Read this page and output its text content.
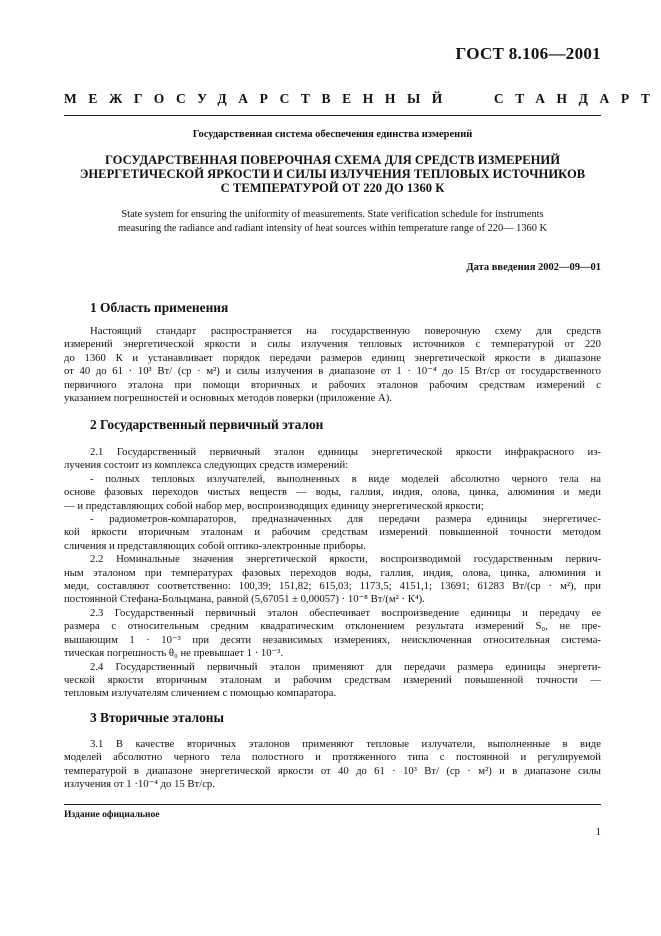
ГОСТ 8.106—2001
МЕЖГОСУДАРСТВЕННЫЙ	СТАНДАРТ
Государственная система обеспечения единства измерений
ГОСУДАРСТВЕННАЯ ПОВЕРОЧНАЯ СХЕМА ДЛЯ СРЕДСТВ ИЗМЕРЕНИЙ
ЭНЕРГЕТИЧЕСКОЙ ЯРКОСТИ И СИЛЫ ИЗЛУЧЕНИЯ ТЕПЛОВЫХ ИСТОЧНИКОВ
С ТЕМПЕРАТУРОЙ ОТ 220 ДО 1360 К
State system for ensuring the uniformity of measurements. State verification schedule for instruments
measuring the radiance and radiant intensity of heat sources within temperature range of 220— 1360 K
Дата введения 2002—09—01
1 Область применения
Настоящий стандарт распространяется на государственную поверочную схему для средств
измерений энергетической яркости и силы излучения тепловых источников с температурой от 220
до 1360 К и устанавливает порядок передачи размеров единиц энергетической яркости в диапазоне
от 40 до 61 · 10³ Вт/ (ср · м²) и силы излучения в диапазоне от 1 · 10⁻⁴ до 15 Вт/ср от государственного
первичного эталона при помощи вторичных и рабочих эталонов рабочим средствам измерений с
указанием погрешностей и основных методов поверки (приложение А).
2 Государственный первичный эталон
2.1 Государственный первичный эталон единицы энергетической яркости инфракрасного из-
лучения состоит из комплекса следующих средств измерений:
- полных тепловых излучателей, выполненных в виде моделей абсолютно черного тела на
основе фазовых переходов чистых веществ — воды, галлия, индия, олова, цинка, алюминия и меди
— и представляющих собой набор мер, воспроизводящих единицу энергетической яркости;
- радиометров-компараторов, предназначенных для передачи размера единицы энергетичес-
кой яркости вторичным эталонам и рабочим средствам измерений повышенной точности методом
сличения и представляющих собой оптико-электронные приборы.
2.2 Номинальные значения энергетической яркости, воспроизводимой государственным первич-
ным эталоном при температурах фазовых переходов воды, галлия, индия, олова, цинка, алюминия и
меди, составляют соответственно: 100,39; 151,82; 615,03; 1173,5; 4151,1; 13691; 61283 Вт/(ср · м²), при
постоянной Стефана-Больцмана, равной (5,67051 ± 0,00057) · 10⁻⁸ Вт/(м² · К⁴).
2.3 Государственный первичный эталон обеспечивает воспроизведение единицы и передачу ее
размера с относительным средним квадратическим отклонением результата измерений S₀, не пре-
вышающим 1 · 10⁻³ при десяти независимых измерениях, неисключенная относительная системa-
тическая погрешность θ₀ не превышает 1 · 10⁻³.
2.4 Государственный первичный эталон применяют для передачи размера единицы энергети-
ческой яркости вторичным эталонам и рабочим средствам измерений повышенной точности —
тепловым излучателям сличением с помощью компаратора.
3 Вторичные эталоны
3.1 В качестве вторичных эталонов применяют тепловые излучатели, выполненные в виде
моделей абсолютно черного тела полостного и протяженного типа с постоянной и регулируемой
температурой в диапазоне энергетической яркости от 40 до 61 · 10³ Вт/ (ср · м²) и в диапазоне силы
излучения от 1 ·10⁻⁴ до 15 Вт/ср.
Издание официальное
1
